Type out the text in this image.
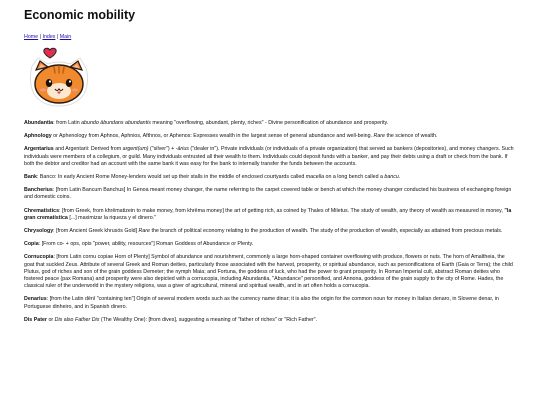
Economic mobility
Home | Index | Main

Abundantia: from Latin abundo ābundans abundantis meaning "overflowing, abundant, plenty, riches" - Divine personification of abundance and prosperity.

Aphnology or Aphenology from Aphnos, Aphnios, Afthnos, or Aphenos: Expresses wealth in the largest sense of general abundance and well-being. Rare the science of wealth.

Argentarius and Argentarii: Derived from argent(um) ("silver") + -ārius ("dealer in"). Private individuals (or individuals of a private organization) that served as bankers (depositories), and money changers. Such individuals were members of a collegium, or guild. Many individuals entrusted all their wealth to them. Individuals could deposit funds with a banker, and pay their debts using a draft or check from the bank. If both the debtor and creditor had an account with the same bank it was easy for the bank to internally transfer the funds between the accounts.

Bank: Banco: In early Ancient Rome Money-lenders would set up their stalls in the middle of enclosed courtyards called macella on a long bench called a bancu.

Bancherius: [from Latin Bancum Banchus] In Genoa meant money changer, the name referring to the carpet covered table or bench at which the money changer conducted his business of exchanging foreign and domestic coins.

Chrematistics: [from Greek, from khrēmatizein to make money, from khrēma money] the art of getting rich, as coined by Thales of Miletus. The study of wealth, any theory of wealth as measured in money, "la gran crematística [...] maximizar la riqueza y el dinero."

Chrysology: [from Ancient Greek khrusós Gold] Rare the branch of political economy relating to the production of wealth. The study of the production of wealth, especially as attained from precious metals.

Copia: [From co- + ops, opis "power, ability, resources"] Roman Goddess of Abundance or Plenty.

Cornucopia: [from Latin cornu copiae Horn of Plenty] Symbol of abundance and nourishment, commonly a large horn-shaped container overflowing with produce, flowers or nuts. The horn of Amaltheia, the goat that suckled Zeus. Attribute of several Greek and Roman deities, particularly those associated with the harvest, prosperity, or spiritual abundance, such as personifications of Earth (Gaia or Terra); the child Plutus, god of riches and son of the grain goddess Demeter; the nymph Maia; and Fortuna, the goddess of luck, who had the power to grant prosperity. In Roman Imperial cult, abstract Roman deities who fostered peace (pax Romana) and prosperity were also depicted with a cornucopia, including Abundantia, "Abundance" personified, and Annona, goddess of the grain supply to the city of Rome. Hades, the classical ruler of the underworld in the mystery religions, was a giver of agricultural, mineral and spiritual wealth, and in art often holds a cornucopia.

Denarius: [from the Latin dēnī "containing ten"] Origin of several modern words such as the currency name dinar; it is also the origin for the common noun for money in Italian denaro, in Slovene denar, in Portuguese dinheiro, and in Spanish dinero.

Dis Pater or Dis also Father Dis (The Wealthy One): [from dives], suggesting a meaning of "father of riches" or "Rich Father".
